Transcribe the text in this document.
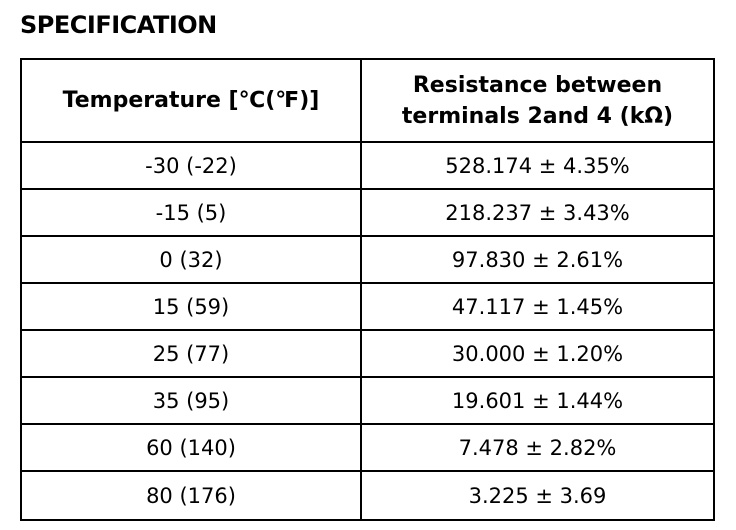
SPECIFICATION
Temperature [℃(℉)]	Resistance between
terminals 2and 4 (kΩ)
-30 (-22)	528.174 ± 4.35%
-15 (5)	218.237 ± 3.43%
0 (32)	97.830 ± 2.61%
15 (59)	47.117 ± 1.45%
25 (77)	30.000 ± 1.20%
35 (95)	19.601 ± 1.44%
60 (140)	7.478 ± 2.82%
80 (176)	3.225 ± 3.69
